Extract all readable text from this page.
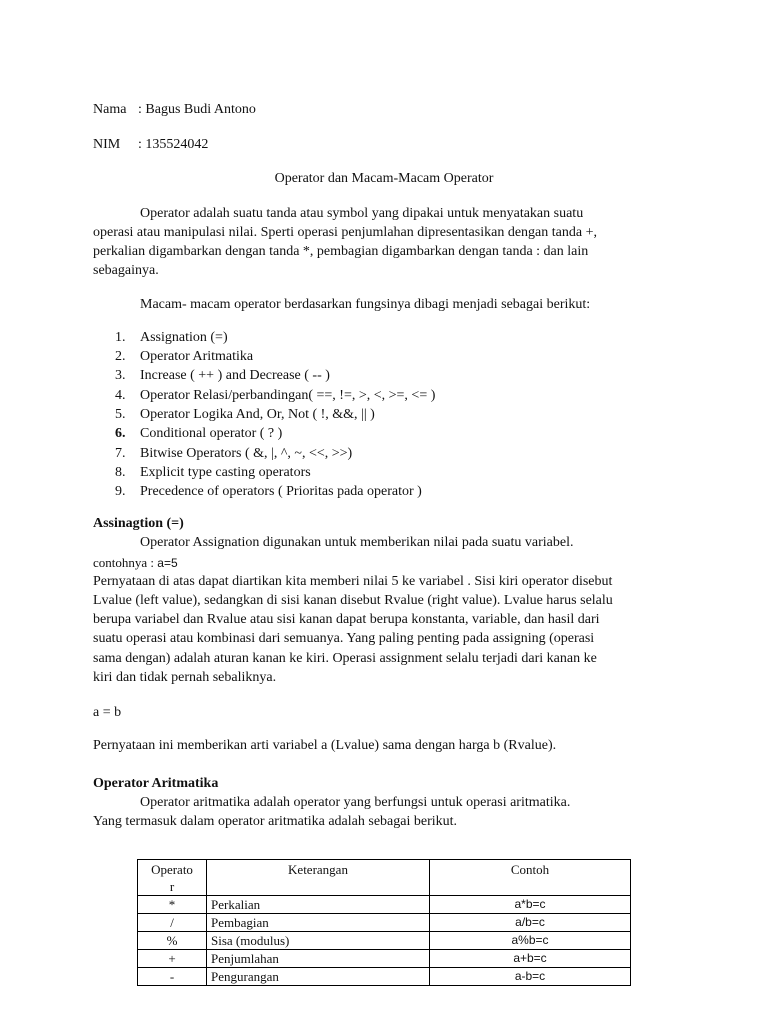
Nama : Bagus Budi Antono
NIM : 135524042
Operator dan Macam-Macam Operator
Operator adalah suatu tanda atau symbol yang dipakai untuk menyatakan suatu
operasi atau manipulasi nilai. Sperti operasi penjumlahan dipresentasikan dengan tanda +,
perkalian digambarkan dengan tanda *, pembagian digambarkan dengan tanda : dan lain
sebagainya.
Macam- macam operator berdasarkan fungsinya dibagi menjadi sebagai berikut:
1. Assignation (=)
2. Operator Aritmatika
3. Increase ( ++ ) and Decrease ( -- )
4. Operator Relasi/perbandingan( ==, !=, >, <, >=, <= )
5. Operator Logika And, Or, Not ( !, &&, || )
6. Conditional operator ( ? )
7. Bitwise Operators ( &, |, ^, ~, <<, >>)
8. Explicit type casting operators
9. Precedence of operators ( Prioritas pada operator )
Assinagtion (=)
Operator Assignation digunakan untuk memberikan nilai pada suatu variabel.
contohnya : a=5
Pernyataan di atas dapat diartikan kita memberi nilai 5 ke variabel . Sisi kiri operator disebut
Lvalue (left value), sedangkan di sisi kanan disebut Rvalue (right value). Lvalue harus selalu
berupa variabel dan Rvalue atau sisi kanan dapat berupa konstanta, variable, dan hasil dari
suatu operasi atau kombinasi dari semuanya. Yang paling penting pada assigning (operasi
sama dengan) adalah aturan kanan ke kiri. Operasi assignment selalu terjadi dari kanan ke
kiri dan tidak pernah sebaliknya.
a = b
Pernyataan ini memberikan arti variabel a (Lvalue) sama dengan harga b (Rvalue).
Operator Aritmatika
Operator aritmatika adalah operator yang berfungsi untuk operasi aritmatika.
Yang termasuk dalam operator aritmatika adalah sebagai berikut.
Operato
r	Keterangan	Contoh
*	Perkalian	a*b=c
/	Pembagian	a/b=c
%	Sisa (modulus)	a%b=c
+	Penjumlahan	a+b=c
-	Pengurangan	a-b=c
